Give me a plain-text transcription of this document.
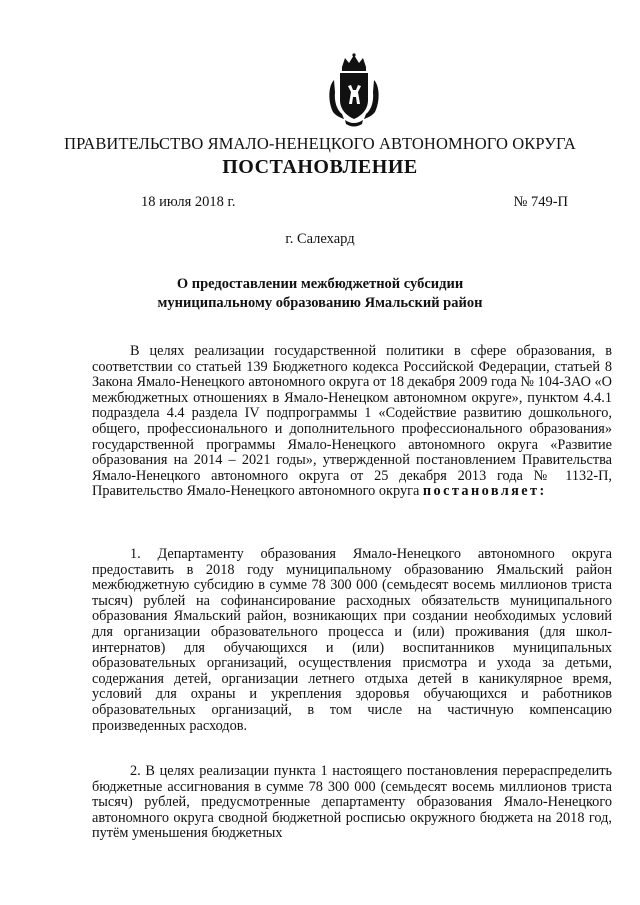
ПРАВИТЕЛЬСТВО ЯМАЛО-НЕНЕЦКОГО АВТОНОМНОГО ОКРУГА
ПОСТАНОВЛЕНИЕ
18 июля 2018 г.	№ 749-П
г. Салехард
О предоставлении межбюджетной субсидии
муниципальному образованию Ямальский район

В целях реализации государственной политики в сфере образования, в соответствии со статьей 139 Бюджетного кодекса Российской Федерации, статьей 8 Закона Ямало-Ненецкого автономного округа от 18 декабря 2009 года № 104-ЗАО «О межбюджетных отношениях в Ямало-Ненецком автономном округе», пунктом 4.4.1 подраздела 4.4 раздела IV подпрограммы 1 «Содействие развитию дошкольного, общего, профессионального и дополнительного профессионального образования» государственной программы Ямало-Ненецкого автономного округа «Развитие образования на 2014 – 2021 годы», утвержденной постановлением Правительства Ямало-Ненецкого автономного округа от 25 декабря 2013 года № 1132-П, Правительство Ямало-Ненецкого автономного округа постановляет:

1. Департаменту образования Ямало-Ненецкого автономного округа предоставить в 2018 году муниципальному образованию Ямальский район межбюджетную субсидию в сумме 78 300 000 (семьдесят восемь миллионов триста тысяч) рублей на софинансирование расходных обязательств муниципального образования Ямальский район, возникающих при создании необходимых условий для организации образовательного процесса и (или) проживания (для школ-интернатов) для обучающихся и (или) воспитанников муниципальных образовательных организаций, осуществления присмотра и ухода за детьми, содержания детей, организации летнего отдыха детей в каникулярное время, условий для охраны и укрепления здоровья обучающихся и работников образовательных организаций, в том числе на частичную компенсацию произведенных расходов.

2. В целях реализации пункта 1 настоящего постановления перераспределить бюджетные ассигнования в сумме 78 300 000 (семьдесят восемь миллионов триста тысяч) рублей, предусмотренные департаменту образования Ямало-Ненецкого автономного округа сводной бюджетной росписью окружного бюджета на 2018 год, путём уменьшения бюджетных
